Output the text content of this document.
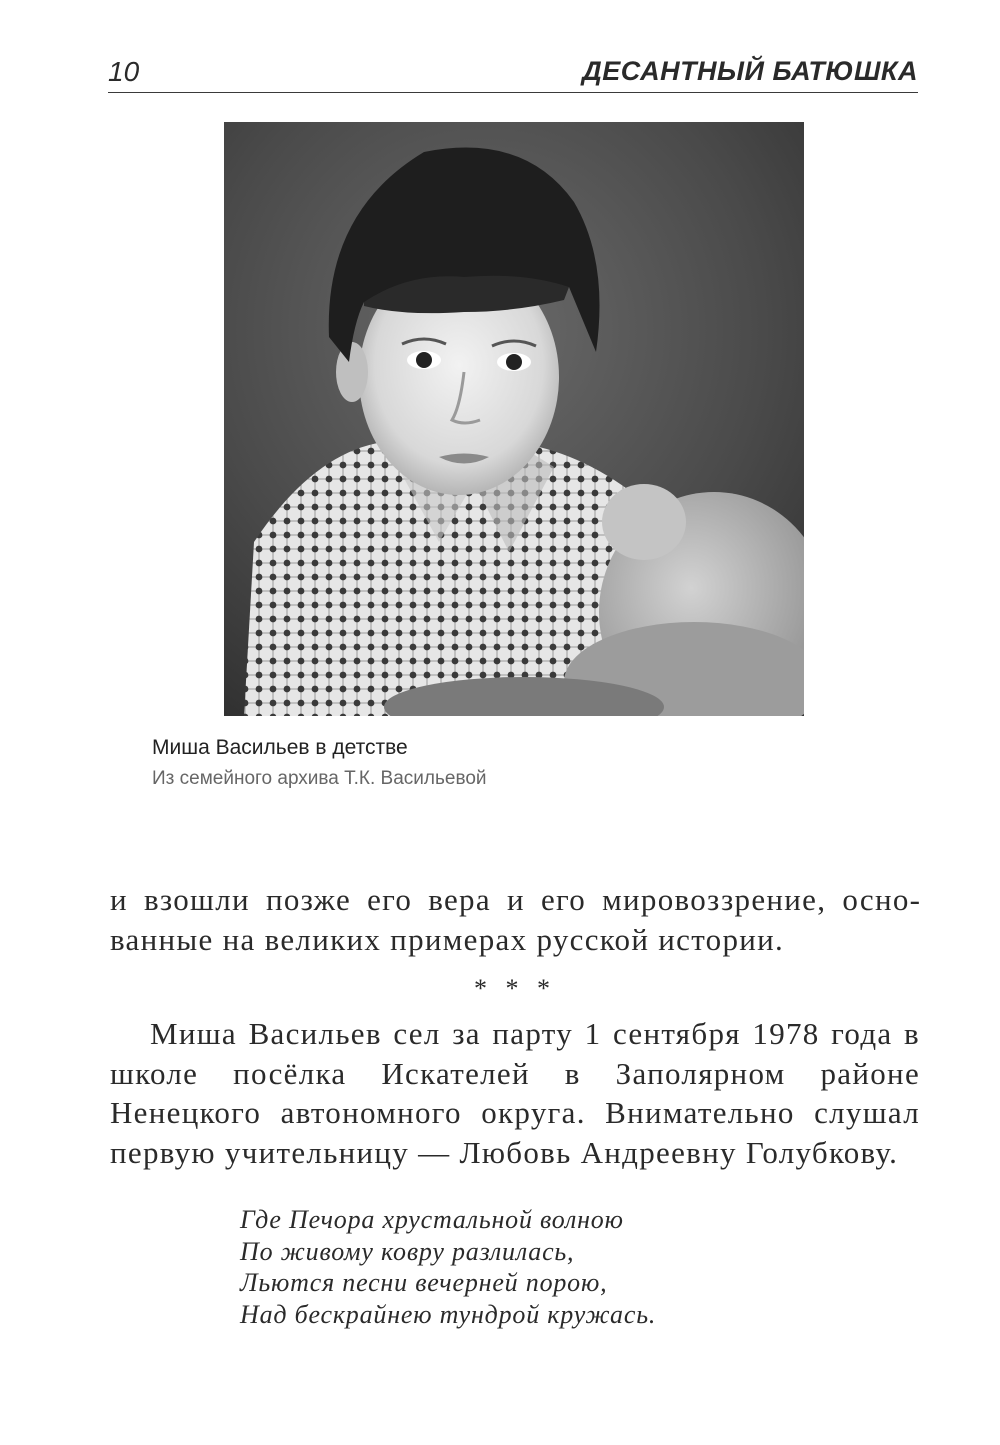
10	ДЕСАНТНЫЙ БАТЮШКА
Миша Васильев в детстве
Из семейного архива Т.К. Васильевой

и взошли позже его вера и его мировоззрение, основанные на великих примерах русской истории.

* * *

Миша Васильев сел за парту 1 сентября 1978 года в школе посёлка Искателей в Заполярном районе Ненецкого автономного округа. Внимательно слушал первую учительницу — Любовь Андреевну Голубкову.

Где Печора хрустальной волною
По живому ковру разлилась,
Льются песни вечерней порою,
Над бескрайнею тундрой кружась.
